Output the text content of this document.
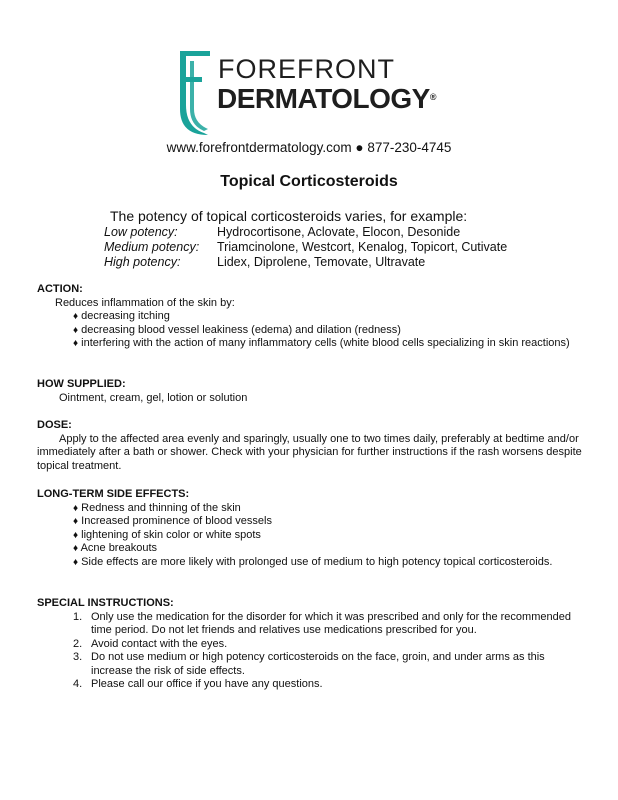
FOREFRONT
DERMATOLOGY®
www.forefrontdermatology.com ● 877-230-4745
Topical Corticosteroids
The potency of topical corticosteroids varies, for example:
Low potency:	Hydrocortisone, Aclovate, Elocon, Desonide
Medium potency: Triamcinolone, Westcort, Kenalog, Topicort, Cutivate
High potency:	Lidex, Diprolene, Temovate, Ultravate
ACTION:
Reduces inflammation of the skin by:
♦ decreasing itching
♦ decreasing blood vessel leakiness (edema) and dilation (redness)
♦ interfering with the action of many inflammatory cells (white blood cells specializing in skin reactions)
HOW SUPPLIED:
Ointment, cream, gel, lotion or solution
DOSE:
Apply to the affected area evenly and sparingly, usually one to two times daily, preferably at bedtime and/or immediately after a bath or shower. Check with your physician for further instructions if the rash worsens despite topical treatment.
LONG-TERM SIDE EFFECTS:
♦ Redness and thinning of the skin
♦ Increased prominence of blood vessels
♦ lightening of skin color or white spots
♦ Acne breakouts
♦ Side effects are more likely with prolonged use of medium to high potency topical corticosteroids.
SPECIAL INSTRUCTIONS:
1. Only use the medication for the disorder for which it was prescribed and only for the recommended time period. Do not let friends and relatives use medications prescribed for you.
2. Avoid contact with the eyes.
3. Do not use medium or high potency corticosteroids on the face, groin, and under arms as this increase the risk of side effects.
4. Please call our office if you have any questions.
